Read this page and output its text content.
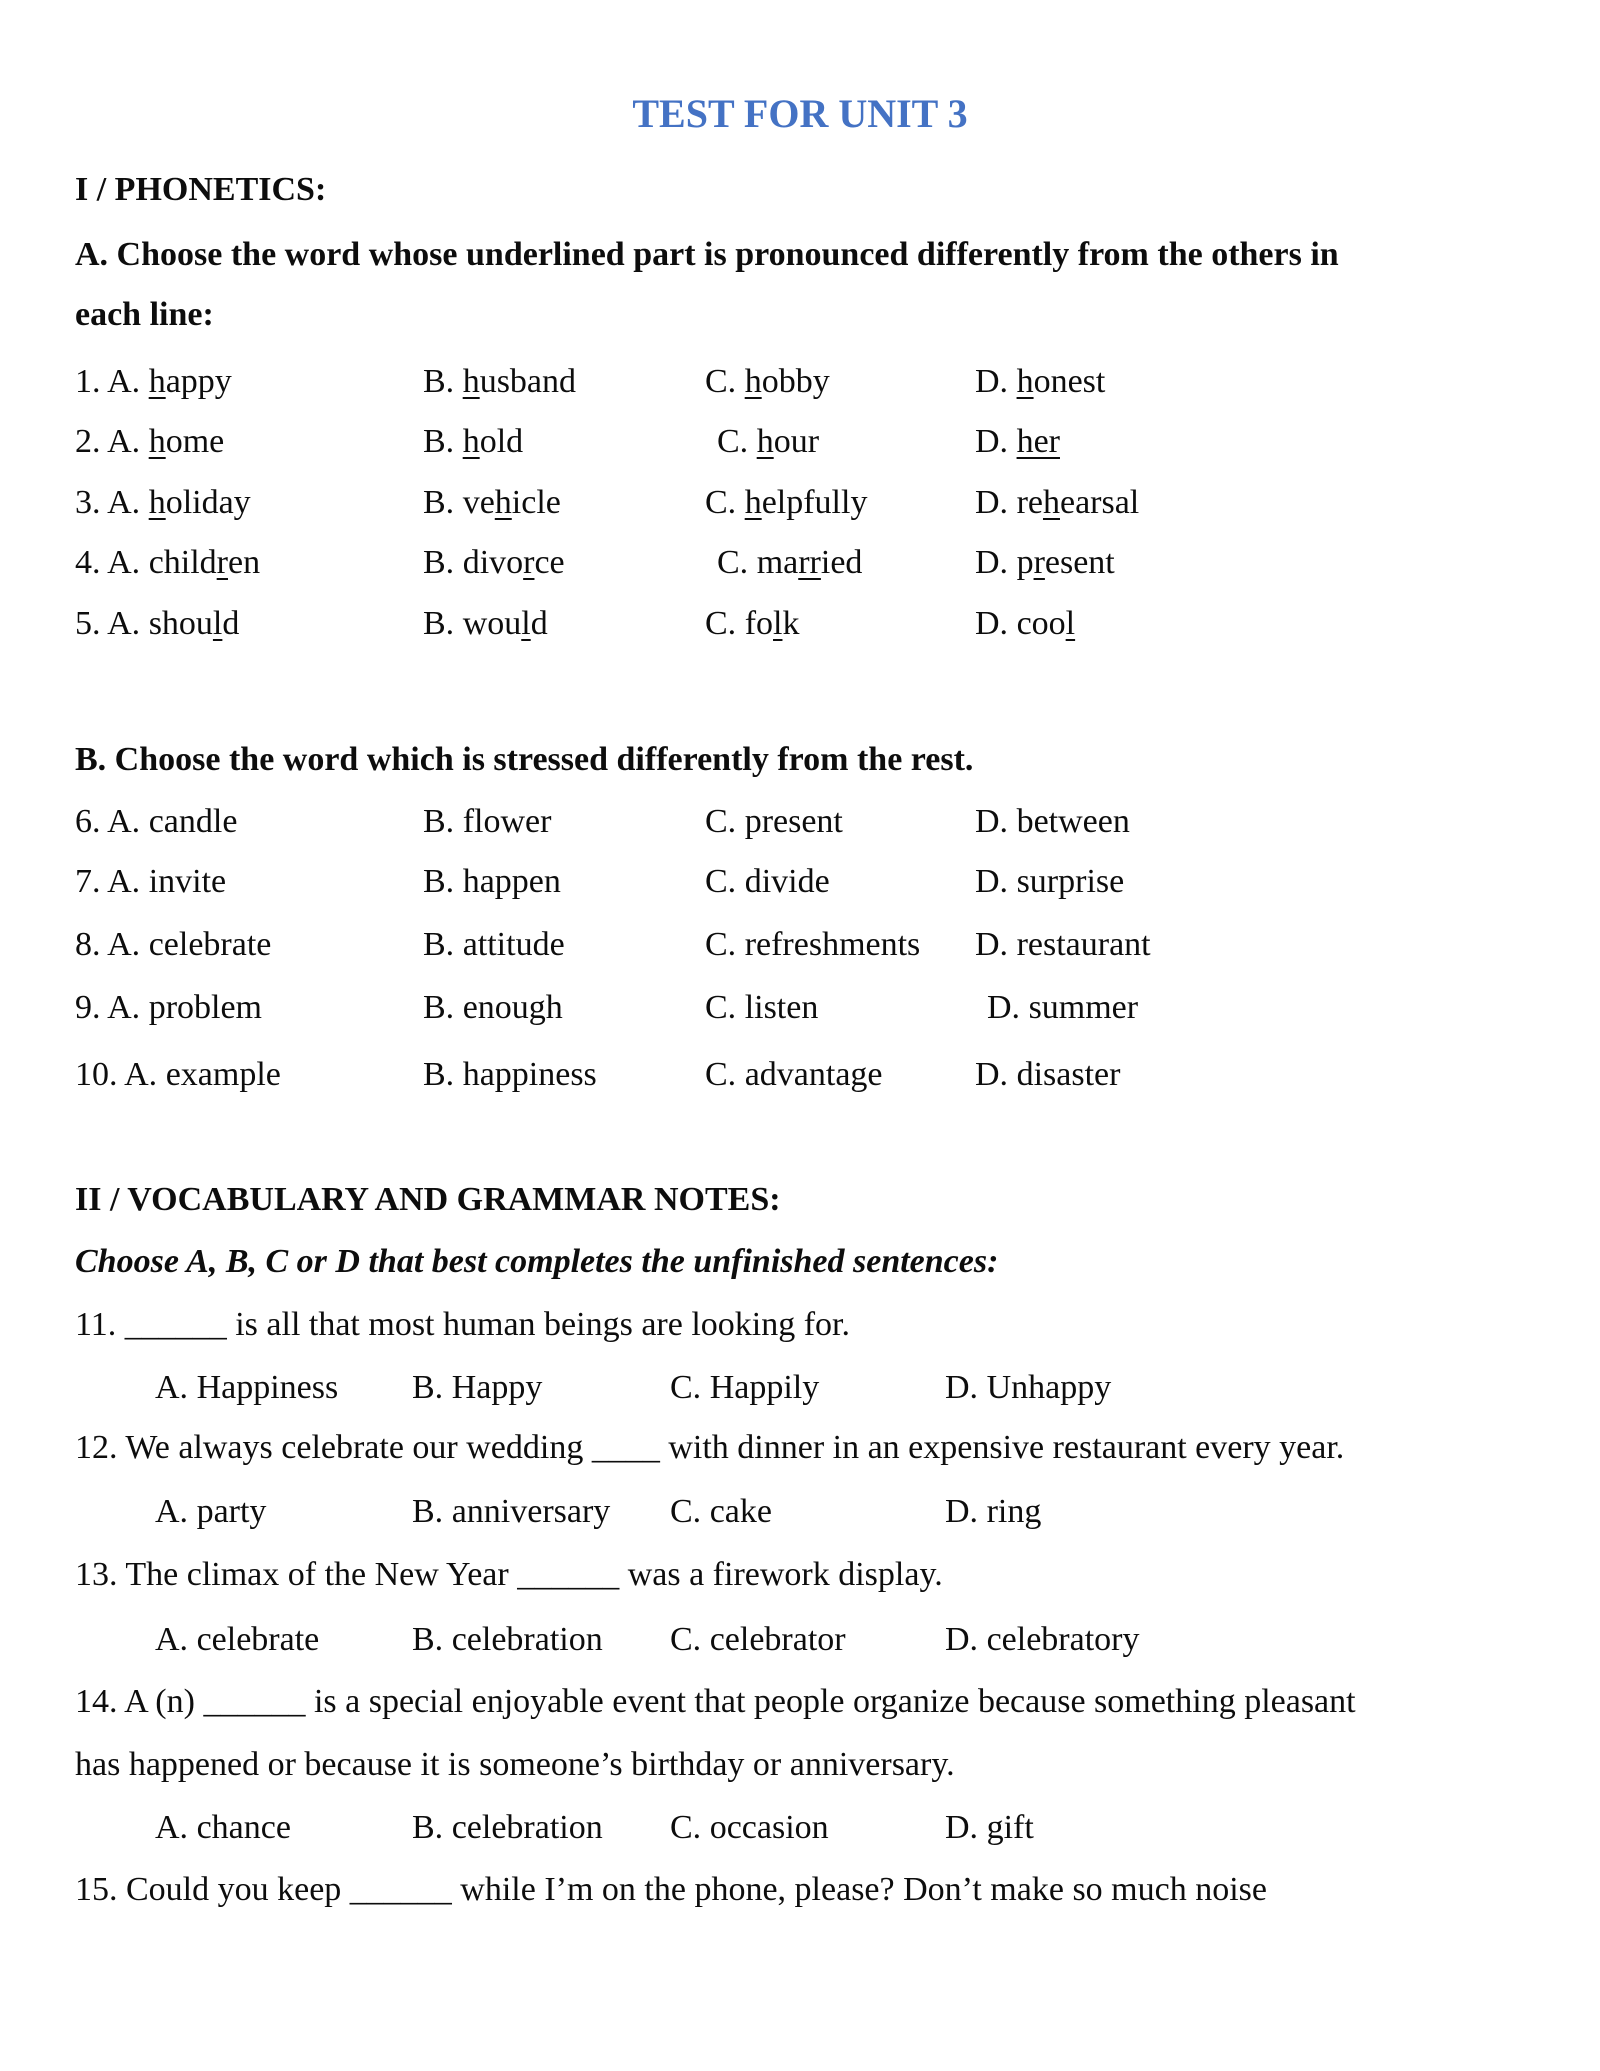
TEST FOR UNIT 3
I / PHONETICS:
A. Choose the word whose underlined part is pronounced differently from the others in
each line:
1. A. happy	B. husband	C. hobby	D. honest
2. A. home	B. hold	C. hour	D. her
3. A. holiday	B. vehicle	C. helpfully	D. rehearsal
4. A. children	B. divorce	C. married	D. present
5. A. should	B. would	C. folk	D. cool
B. Choose the word which is stressed differently from the rest.
6. A. candle	B. flower	C. present	D. between
7. A. invite	B. happen	C. divide	D. surprise
8. A. celebrate	B. attitude	C. refreshments D. restaurant
9. A. problem	B. enough	C. listen	D. summer
10. A. example	B. happiness	C. advantage	D. disaster
II / VOCABULARY AND GRAMMAR NOTES:
Choose A, B, C or D that best completes the unfinished sentences:
11. ______ is all that most human beings are looking for.
A. Happiness B. Happy	C. Happily	D. Unhappy
12. We always celebrate our wedding ____ with dinner in an expensive restaurant every year.
A. party	B. anniversary C. cake	D. ring
13. The climax of the New Year ______ was a firework display.
A. celebrate	B. celebration C. celebrator	D. celebratory
14. A (n) ______ is a special enjoyable event that people organize because something pleasant
has happened or because it is someone’s birthday or anniversary.
A. chance	B. celebration C. occasion	D. gift
15. Could you keep ______ while I’m on the phone, please? Don’t make so much noise
